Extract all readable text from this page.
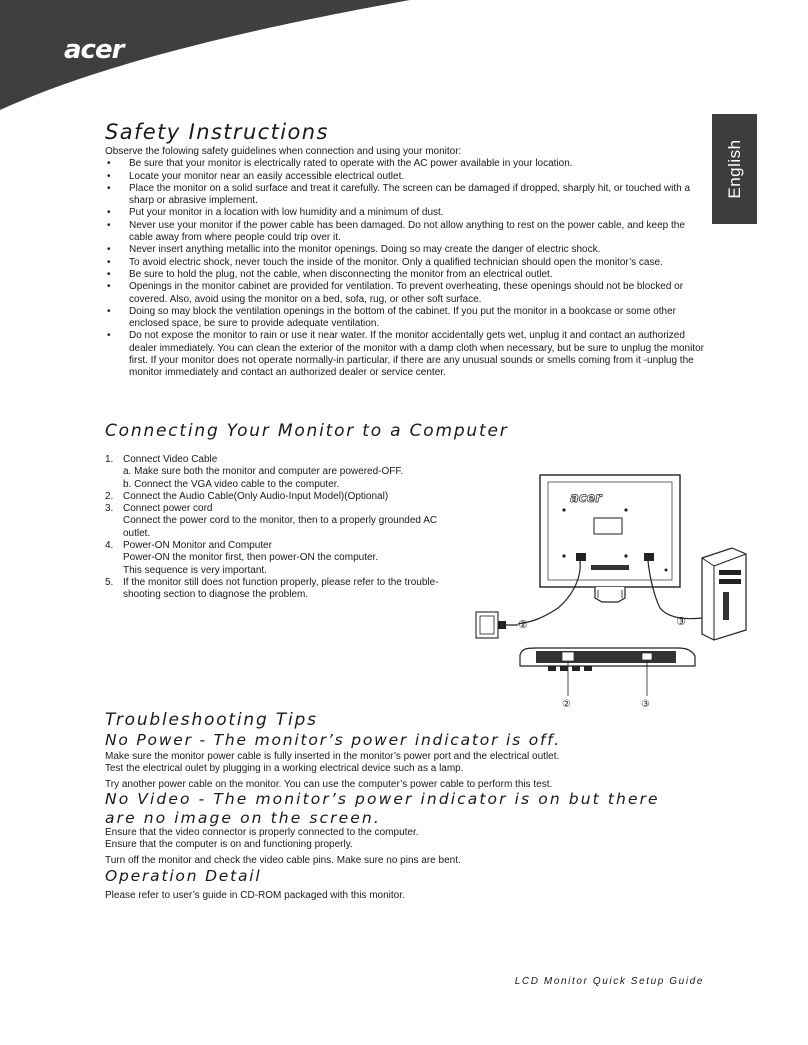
acer
English
Safety Instructions
Observe the folowing safety guidelines when connection and using your monitor:
• Be sure that your monitor is electrically rated to operate with the AC power available in your location.
• Locate your monitor near an easily accessible electrical outlet.
• Place the monitor on a solid surface and treat it carefully. The screen can be damaged if dropped, sharply hit, or touched with a sharp or abrasive implement.
• Put your monitor in a location with low humidity and a minimum of dust.
• Never use your monitor if the power cable has been damaged. Do not allow anything to rest on the power cable, and keep the cable away from where people could trip over it.
• Never insert anything metallic into the monitor openings. Doing so may create the danger of electric shock.
• To avoid electric shock, never touch the inside of the monitor. Only a qualified technician should open the monitor’s case.
• Be sure to hold the plug, not the cable, when disconnecting the monitor from an electrical outlet.
• Openings in the monitor cabinet are provided for ventilation. To prevent overheating, these openings should not be blocked or covered. Also, avoid using the monitor on a bed, sofa, rug, or other soft surface.
• Doing so may block the ventilation openings in the bottom of the cabinet. If you put the monitor in a bookcase or some other enclosed space, be sure to provide adequate ventilation.
• Do not expose the monitor to rain or use it near water. If the monitor accidentally gets wet, unplug it and contact an authorized dealer immediately. You can clean the exterior of the monitor with a damp cloth when necessary, but be sure to unplug the monitor first. If your monitor does not operate normally-in particular, if there are any unusual sounds or smells coming from it -unplug the monitor immediately and contact an authorized dealer or service center.
Connecting Your Monitor to a Computer
1. Connect Video Cable
a. Make sure both the monitor and computer are powered-OFF.
b. Connect the VGA video cable to the computer.
2. Connect the Audio Cable(Only Audio-Input Model)(Optional)
3. Connect power cord
Connect the power cord to the monitor, then to a properly grounded AC outlet.
4. Power-ON Monitor and Computer
Power-ON the monitor first, then power-ON the computer.
This sequence is very important.
5. If the monitor still does not function properly, please refer to the trouble-shooting section to diagnose the problem.
acer
②	③
②	③
Troubleshooting Tips
No Power - The monitor’s power indicator is off.
Make sure the monitor power cable is fully inserted in the monitor’s power port and the electrical outlet.
Test the electrical oulet by plugging in a working electrical device such as a lamp.
Try another power cable on the monitor. You can use the computer’s power cable to perform this test.
No Video - The monitor’s power indicator is on but there are no image on the screen.
Ensure that the video connector is properly connected to the computer.
Ensure that the computer is on and functioning properly.
Turn off the monitor and check the video cable pins. Make sure no pins are bent.
Operation Detail
Please refer to user’s guide in CD-ROM packaged with this monitor.
LCD Monitor Quick Setup Guide
